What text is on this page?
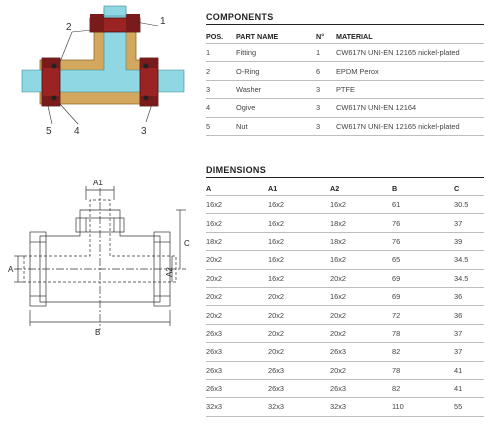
2
1
3
4
5
A1
C
A2
A
B
COMPONENTS
POS.	PART NAME	N°	MATERIAL
1	Fitting	1	CW617N UNI-EN 12165 nickel-plated
2	O-Ring	6	EPDM Perox
3	Washer	3	PTFE
4	Ogive	3	CW617N UNI-EN 12164
5	Nut	3	CW617N UNI-EN 12165 nickel-plated
DIMENSIONS
A	A1	A2	B	C
16x2	16x2	16x2	61	30.5
16x2	16x2	18x2	76	37
18x2	16x2	18x2	76	39
20x2	16x2	16x2	65	34.5
20x2	16x2	20x2	69	34.5
20x2	20x2	16x2	69	36
20x2	20x2	20x2	72	36
26x3	20x2	20x2	78	37
26x3	20x2	26x3	82	37
26x3	26x3	20x2	78	41
26x3	26x3	26x3	82	41
32x3	32x3	32x3	110	55
